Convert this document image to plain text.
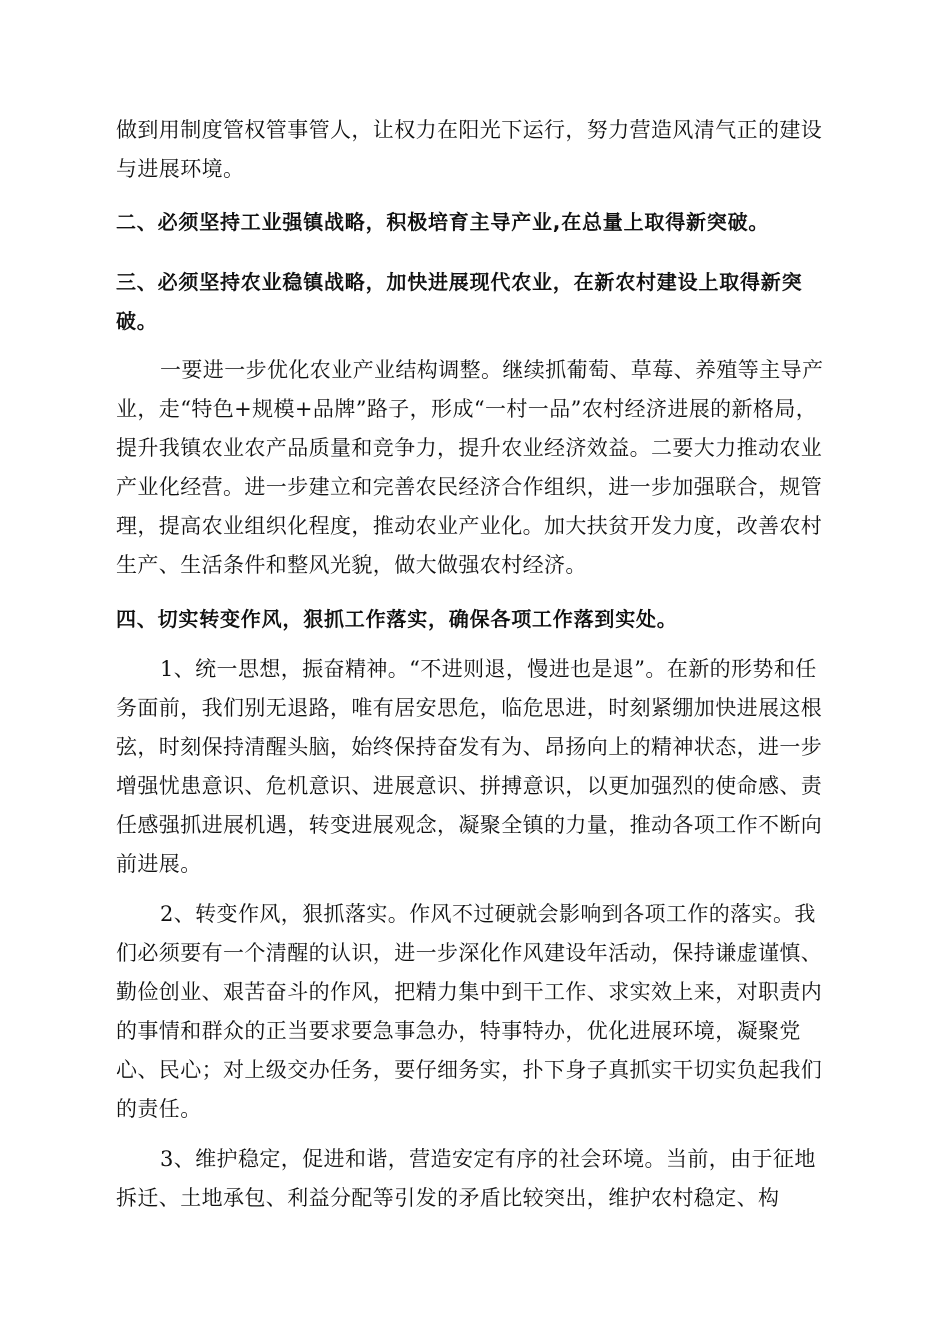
做到用制度管权管事管人，让权力在阳光下运行，努力营造风清气正的建设与进展环境。

二、必须坚持工业强镇战略，积极培育主导产业,在总量上取得新突破。

三、必须坚持农业稳镇战略，加快进展现代农业，在新农村建设上取得新突破。

一要进一步优化农业产业结构调整。继续抓葡萄、草莓、养殖等主导产业，走“特色+规模+品牌”路子，形成“一村一品”农村经济进展的新格局，提升我镇农业农产品质量和竞争力，提升农业经济效益。二要大力推动农业产业化经营。进一步建立和完善农民经济合作组织，进一步加强联合，规管理，提高农业组织化程度，推动农业产业化。加大扶贫开发力度，改善农村生产、生活条件和整风光貌，做大做强农村经济。

四、切实转变作风，狠抓工作落实，确保各项工作落到实处。

1、统一思想，振奋精神。“不进则退，慢进也是退”。在新的形势和任务面前，我们别无退路，唯有居安思危，临危思进，时刻紧绷加快进展这根弦，时刻保持清醒头脑，始终保持奋发有为、昂扬向上的精神状态，进一步增强忧患意识、危机意识、进展意识、拼搏意识，以更加强烈的使命感、责任感强抓进展机遇，转变进展观念，凝聚全镇的力量，推动各项工作不断向前进展。

2、转变作风，狠抓落实。作风不过硬就会影响到各项工作的落实。我们必须要有一个清醒的认识，进一步深化作风建设年活动，保持谦虚谨慎、勤俭创业、艰苦奋斗的作风，把精力集中到干工作、求实效上来，对职责内的事情和群众的正当要求要急事急办，特事特办，优化进展环境，凝聚党心、民心；对上级交办任务，要仔细务实，扑下身子真抓实干切实负起我们的责任。

3、维护稳定，促进和谐，营造安定有序的社会环境。当前，由于征地拆迁、土地承包、利益分配等引发的矛盾比较突出，维护农村稳定、构
